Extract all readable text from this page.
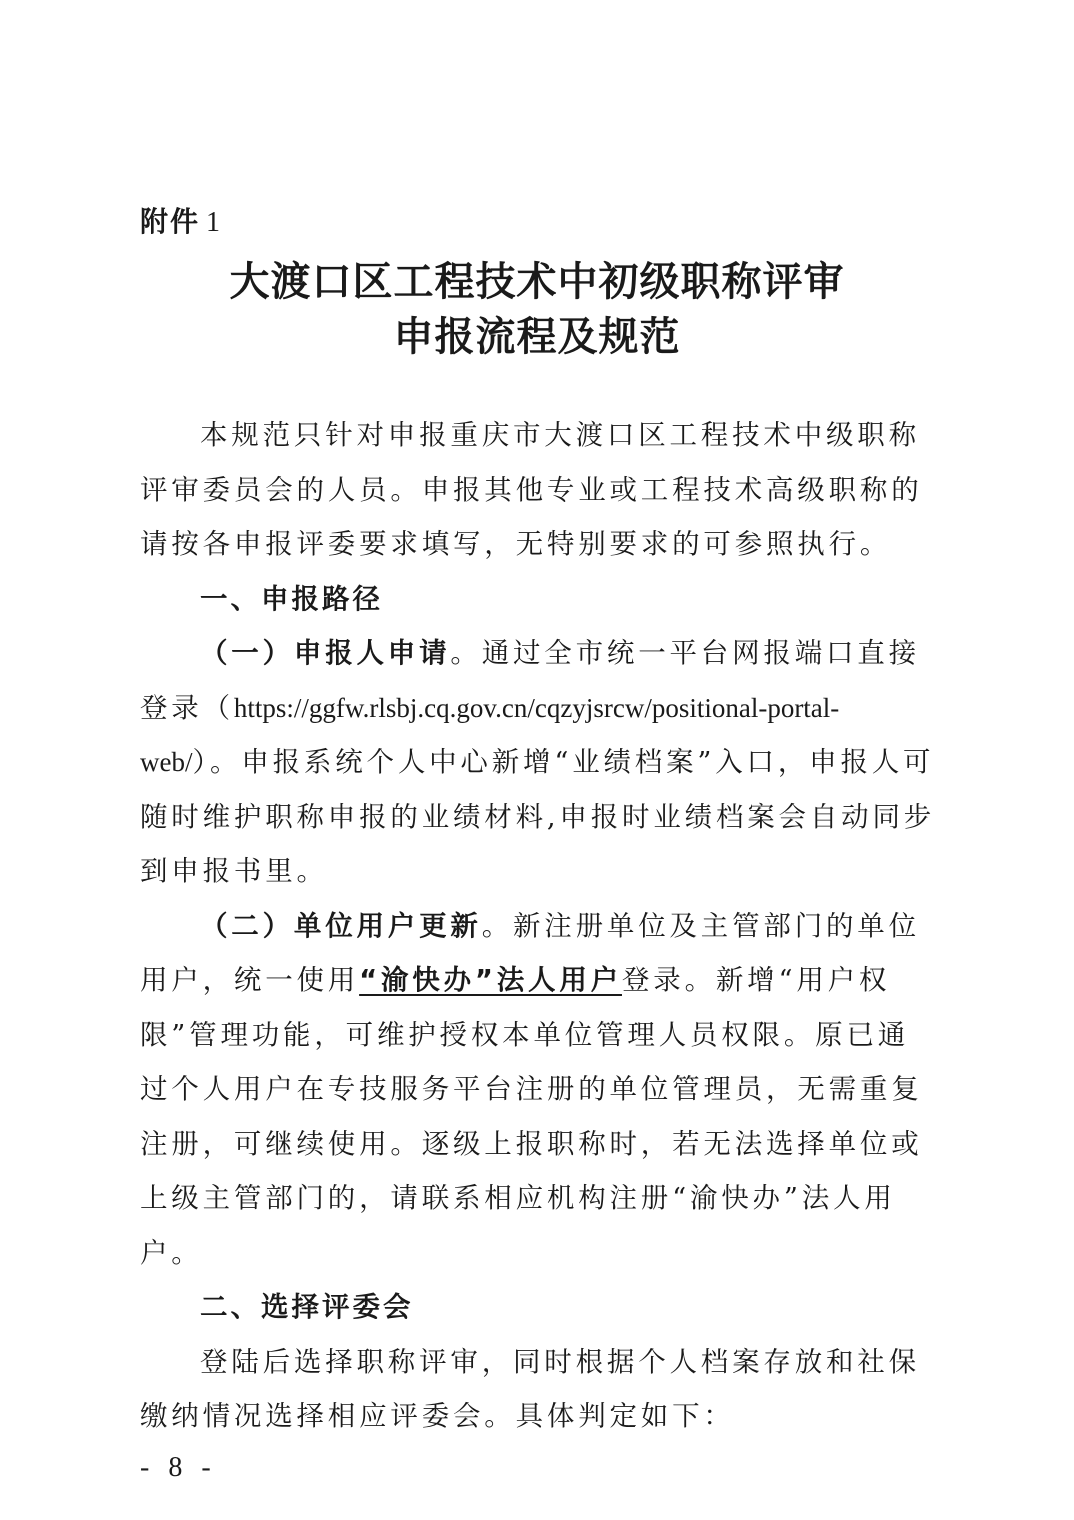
附件 1
大渡口区工程技术中初级职称评审
申报流程及规范

本规范只针对申报重庆市大渡口区工程技术中级职称评审委员会的人员。申报其他专业或工程技术高级职称的请按各申报评委要求填写，无特别要求的可参照执行。

一、申报路径

（一）申报人申请。通过全市统一平台网报端口直接登录（https://ggfw.rlsbj.cq.gov.cn/cqzyjsrcw/positional-portal-web/）。申报系统个人中心新增“业绩档案”入口，申报人可随时维护职称申报的业绩材料,申报时业绩档案会自动同步到申报书里。

（二）单位用户更新。新注册单位及主管部门的单位用户，统一使用“渝快办”法人用户登录。新增“用户权限”管理功能，可维护授权本单位管理人员权限。原已通过个人用户在专技服务平台注册的单位管理员，无需重复注册，可继续使用。逐级上报职称时，若无法选择单位或上级主管部门的，请联系相应机构注册“渝快办”法人用户。

二、选择评委会

登陆后选择职称评审，同时根据个人档案存放和社保缴纳情况选择相应评委会。具体判定如下：

- 8 -
